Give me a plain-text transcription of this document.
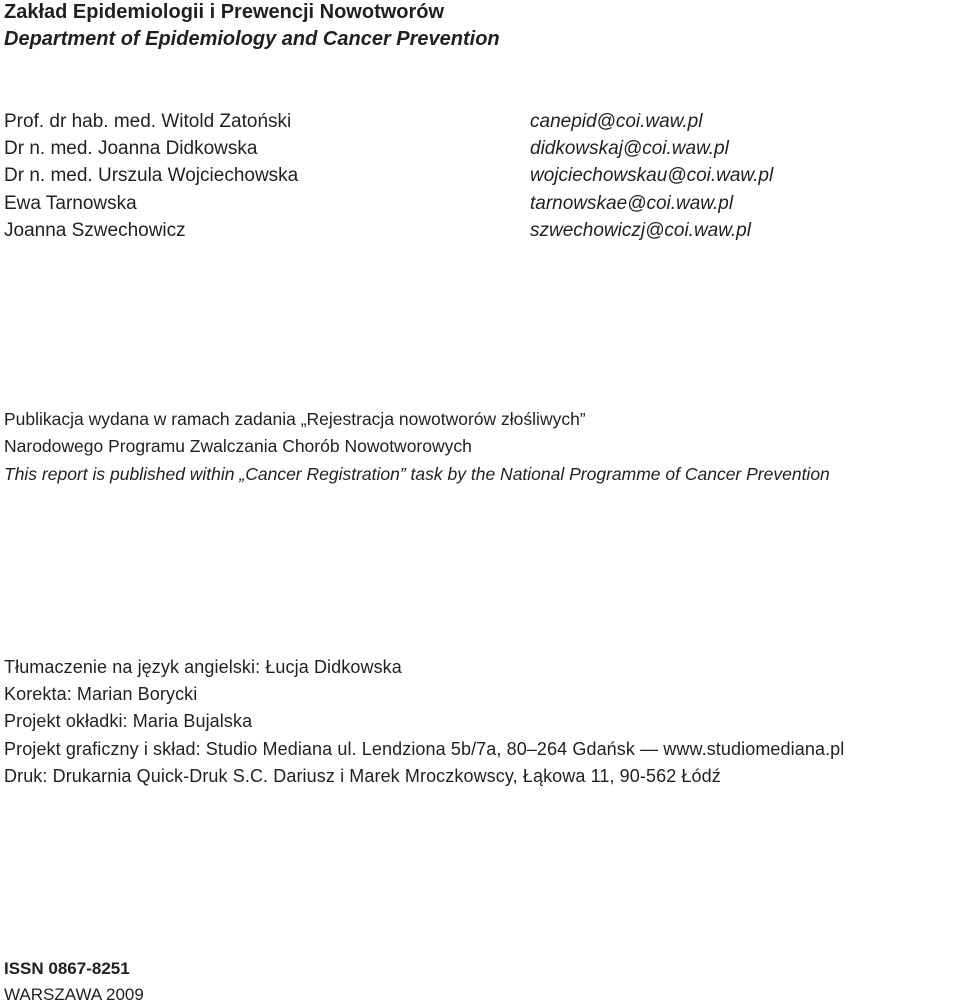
Zakład Epidemiologii i Prewencji Nowotworów
Department of Epidemiology and Cancer Prevention
Prof. dr hab. med. Witold Zatoński	canepid@coi.waw.pl
Dr n. med. Joanna Didkowska	didkowskaj@coi.waw.pl
Dr n. med. Urszula Wojciechowska	wojciechowskau@coi.waw.pl
Ewa Tarnowska	tarnowskae@coi.waw.pl
Joanna Szwechowicz	szwechowiczj@coi.waw.pl
Publikacja wydana w ramach zadania „Rejestracja nowotworów złośliwych”
Narodowego Programu Zwalczania Chorób Nowotworowych
This report is published within „Cancer Registration” task by the National Programme of Cancer Prevention
Tłumaczenie na język angielski: Łucja Didkowska
Korekta: Marian Borycki
Projekt okładki: Maria Bujalska
Projekt graficzny i skład: Studio Mediana ul. Lendziona 5b/7a, 80–264 Gdańsk — www.studiomediana.pl
Druk: Drukarnia Quick-Druk S.C. Dariusz i Marek Mroczkowscy, Łąkowa 11, 90-562 Łódź
ISSN 0867-8251
WARSZAWA 2009
